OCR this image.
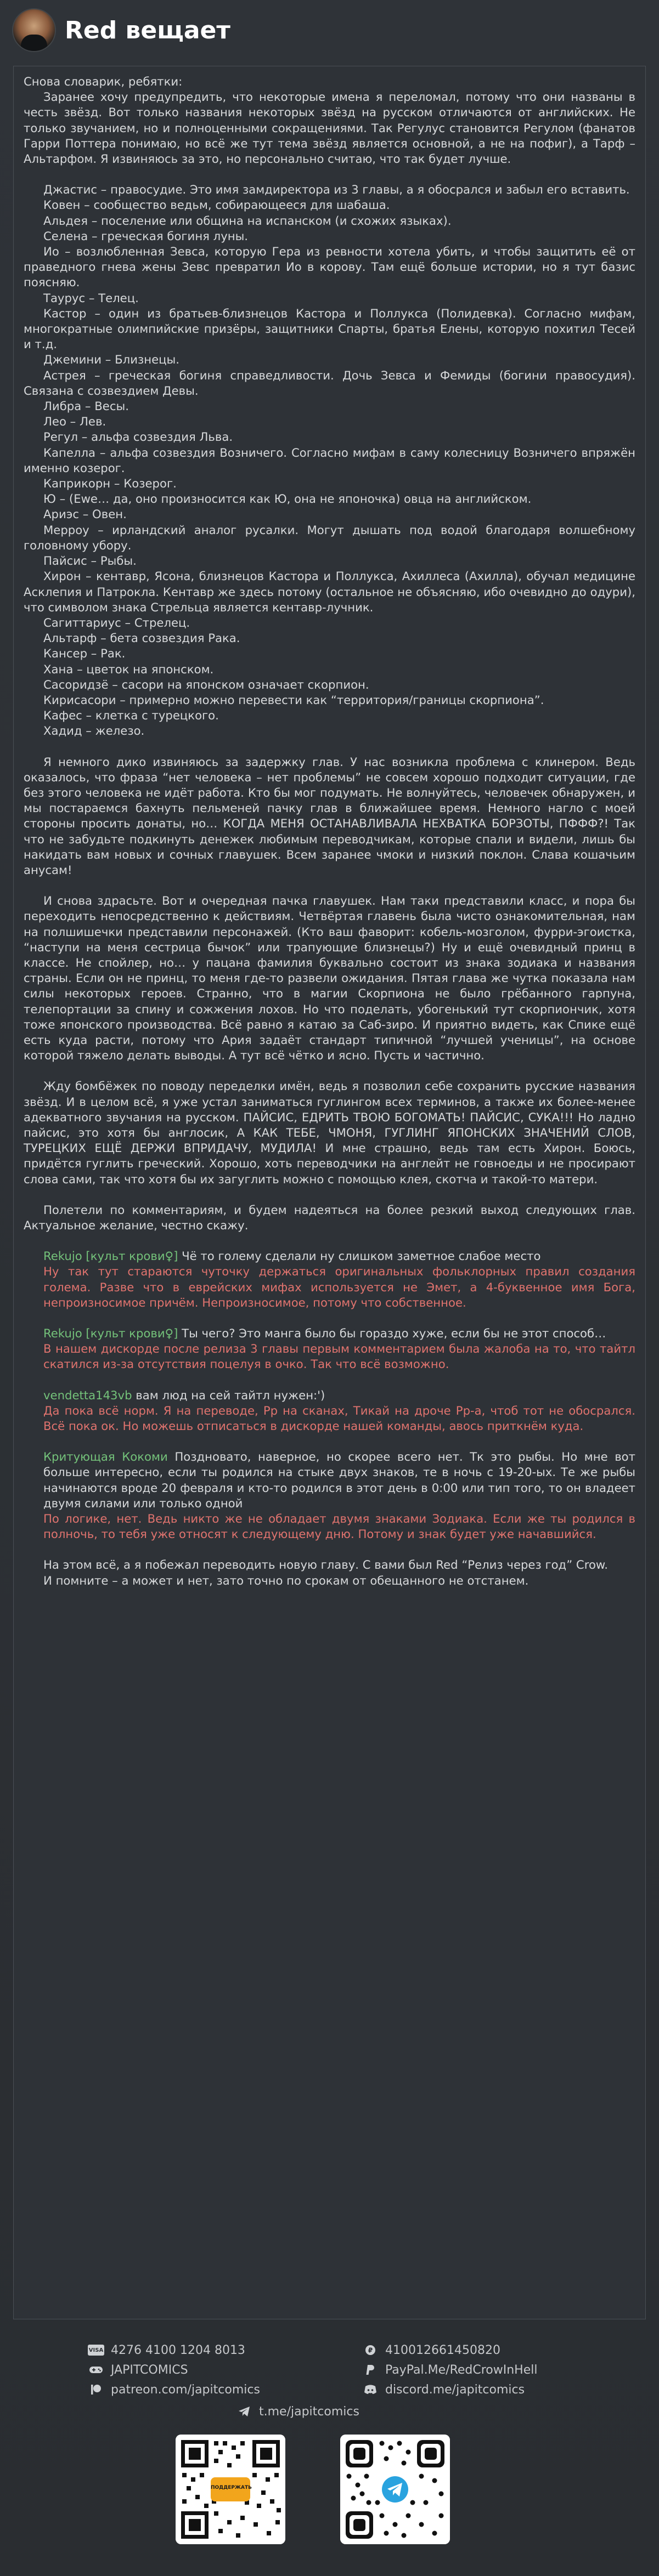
Red вещает

Снова словарик, ребятки:

Заранее хочу предупредить, что некоторые имена я переломал, потому что они названы в честь звёзд. Вот только названия некоторых звёзд на русском отличаются от английских. Не только звучанием, но и полноценными сокращениями. Так Регулус становится Регулом (фанатов Гарри Поттера понимаю, но всё же тут тема звёзд является основной, а не на пофиг), а Тарф – Альтарфом. Я извиняюсь за это, но персонально считаю, что так будет лучше.

Джастис – правосудие. Это имя замдиректора из 3 главы, а я обосрался и забыл его вставить.

Ковен – сообщество ведьм, собирающееся для шабаша.

Альдея – поселение или община на испанском (и схожих языках).

Селена – греческая богиня луны.

Ио – возлюбленная Зевса, которую Гера из ревности хотела убить, и чтобы защитить её от праведного гнева жены Зевс превратил Ио в корову. Там ещё больше истории, но я тут базис поясняю.

Таурус – Телец.

Кастор – один из братьев-близнецов Кастора и Поллукса (Полидевка). Согласно мифам, многократные олимпийские призёры, защитники Спарты, братья Елены, которую похитил Тесей и т.д.

Джемини – Близнецы.

Астрея – греческая богиня справедливости. Дочь Зевса и Фемиды (богини правосудия). Связана с созвездием Девы.

Либра – Весы.

Лео – Лев.

Регул – альфа созвездия Льва.

Капелла – альфа созвездия Возничего. Согласно мифам в саму колесницу Возничего впряжён именно козерог.

Каприкорн – Козерог.

Ю – (Ewe… да, оно произносится как Ю, она не японочка) овца на английском.

Ариэс – Овен.

Мерроу – ирландский аналог русалки. Могут дышать под водой благодаря волшебному головному убору.

Пайсис – Рыбы.

Хирон – кентавр, Ясона, близнецов Кастора и Поллукса, Ахиллеса (Ахилла), обучал медицине Асклепия и Патрокла. Кентавр же здесь потому (остальное не объясняю, ибо очевидно до одури), что символом знака Стрельца является кентавр-лучник.

Сагиттариус – Стрелец.

Альтарф – бета созвездия Рака.

Кансер – Рак.

Хана – цветок на японском.

Сасоридзё – сасори на японском означает скорпион.

Кирисасори – примерно можно перевести как “территория/границы скорпиона”.

Кафес – клетка с турецкого.

Хадид – железо.

Я немного дико извиняюсь за задержку глав. У нас возникла проблема с клинером. Ведь оказалось, что фраза “нет человека – нет проблемы” не совсем хорошо подходит ситуации, где без этого человека не идёт работа. Кто бы мог подумать. Не волнуйтесь, человечек обнаружен, и мы постараемся бахнуть пельменей пачку глав в ближайшее время. Немного нагло с моей стороны просить донаты, но… КОГДА МЕНЯ ОСТАНАВЛИВАЛА НЕХВАТКА БОРЗОТЫ, ПФФФ?! Так что не забудьте подкинуть денежек любимым переводчикам, которые спали и видели, лишь бы накидать вам новых и сочных главушек. Всем заранее чмоки и низкий поклон. Слава кошачьим анусам!

И снова здрасьте. Вот и очередная пачка главушек. Нам таки представили класс, и пора бы переходить непосредственно к действиям. Четвёртая главень была чисто ознакомительная, нам на полшишечки представили персонажей. (Кто ваш фаворит: кобель-мозголом, фурри-эгоистка, “наступи на меня сестрица бычок” или трапующие близнецы?) Ну и ещё очевидный принц в классе. Не спойлер, но… у пацана фамилия буквально состоит из знака зодиака и названия страны. Если он не принц, то меня где-то развели ожидания. Пятая глава же чутка показала нам силы некоторых героев. Странно, что в магии Скорпиона не было грёбанного гарпуна, телепортации за спину и сожжения лохов. Но что поделать, убогенький тут скорпиончик, хотя тоже японского производства. Всё равно я катаю за Саб-зиро. И приятно видеть, как Спике ещё есть куда расти, потому что Ария задаёт стандарт типичной “лучшей ученицы”, на основе которой тяжело делать выводы. А тут всё чётко и ясно. Пусть и частично.

Жду бомбёжек по поводу переделки имён, ведь я позволил себе сохранить русские названия звёзд. И в целом всё, я уже устал заниматься гуглингом всех терминов, а также их более-менее адекватного звучания на русском. ПАЙСИС, ЕДРИТЬ ТВОЮ БОГОМАТЬ! ПАЙСИС, СУКА!!! Но ладно пайсис, это хотя бы англосик, А КАК ТЕБЕ, ЧМОНЯ, ГУГЛИНГ ЯПОНСКИХ ЗНАЧЕНИЙ СЛОВ, ТУРЕЦКИХ ЕЩЁ ДЕРЖИ ВПРИДАЧУ, МУДИЛА! И мне страшно, ведь там есть Хирон. Боюсь, придётся гуглить греческий. Хорошо, хоть переводчики на англейт не говноеды и не просирают слова сами, так что хотя бы их загуглить можно с помощью клея, скотча и такой-то матери.

Полетели по комментариям, и будем надеяться на более резкий выход следующих глав. Актуальное желание, честно скажу.

Rekujo [культ крови♀] Чё то голему сделали ну слишком заметное слабое место

Ну так тут стараются чуточку держаться оригинальных фольклорных правил создания голема. Разве что в еврейских мифах используется не Эмет, а 4-буквенное имя Бога, непроизносимое причём. Непроизносимое, потому что собственное.

Rekujo [культ крови♀] Ты чего? Это манга было бы гораздо хуже, если бы не этот способ…

В нашем дискорде после релиза 3 главы первым комментарием была жалоба на то, что тайтл скатился из-за отсутствия поцелуя в очко. Так что всё возможно.

vendetta143vb вам люд на сей тайтл нужен:')

Да пока всё норм. Я на переводе, Рр на сканах, Тикай на дроче Рр-а, чтоб тот не обосрался. Всё пока ок. Но можешь отписаться в дискорде нашей команды, авось приткнём куда.

Критующая Кокоми Поздновато, наверное, но скорее всего нет. Тк это рыбы. Но мне вот больше интересно, если ты родился на стыке двух знаков, те в ночь с 19-20-ых. Те же рыбы начинаются вроде 20 февраля и кто-то родился в этот день в 0:00 или тип того, то он владеет двумя силами или только одной

По логике, нет. Ведь никто же не обладает двумя знаками Зодиака. Если же ты родился в полночь, то тебя уже относят к следующему дню. Потому и знак будет уже начавшийся.

На этом всё, а я побежал переводить новую главу. С вами был Red “Релиз через год” Crow.

И помните – а может и нет, зато точно по срокам от обещанного не отстанем.

VISA 4276 4100 1204 8013
JAPITCOMICS
patreon.com/japitcomics
₽ 410012661450820
PayPal.Me/RedCrowInHell
discord.me/japitcomics
t.me/japitcomics
ПОДДЕРЖАТЬ
